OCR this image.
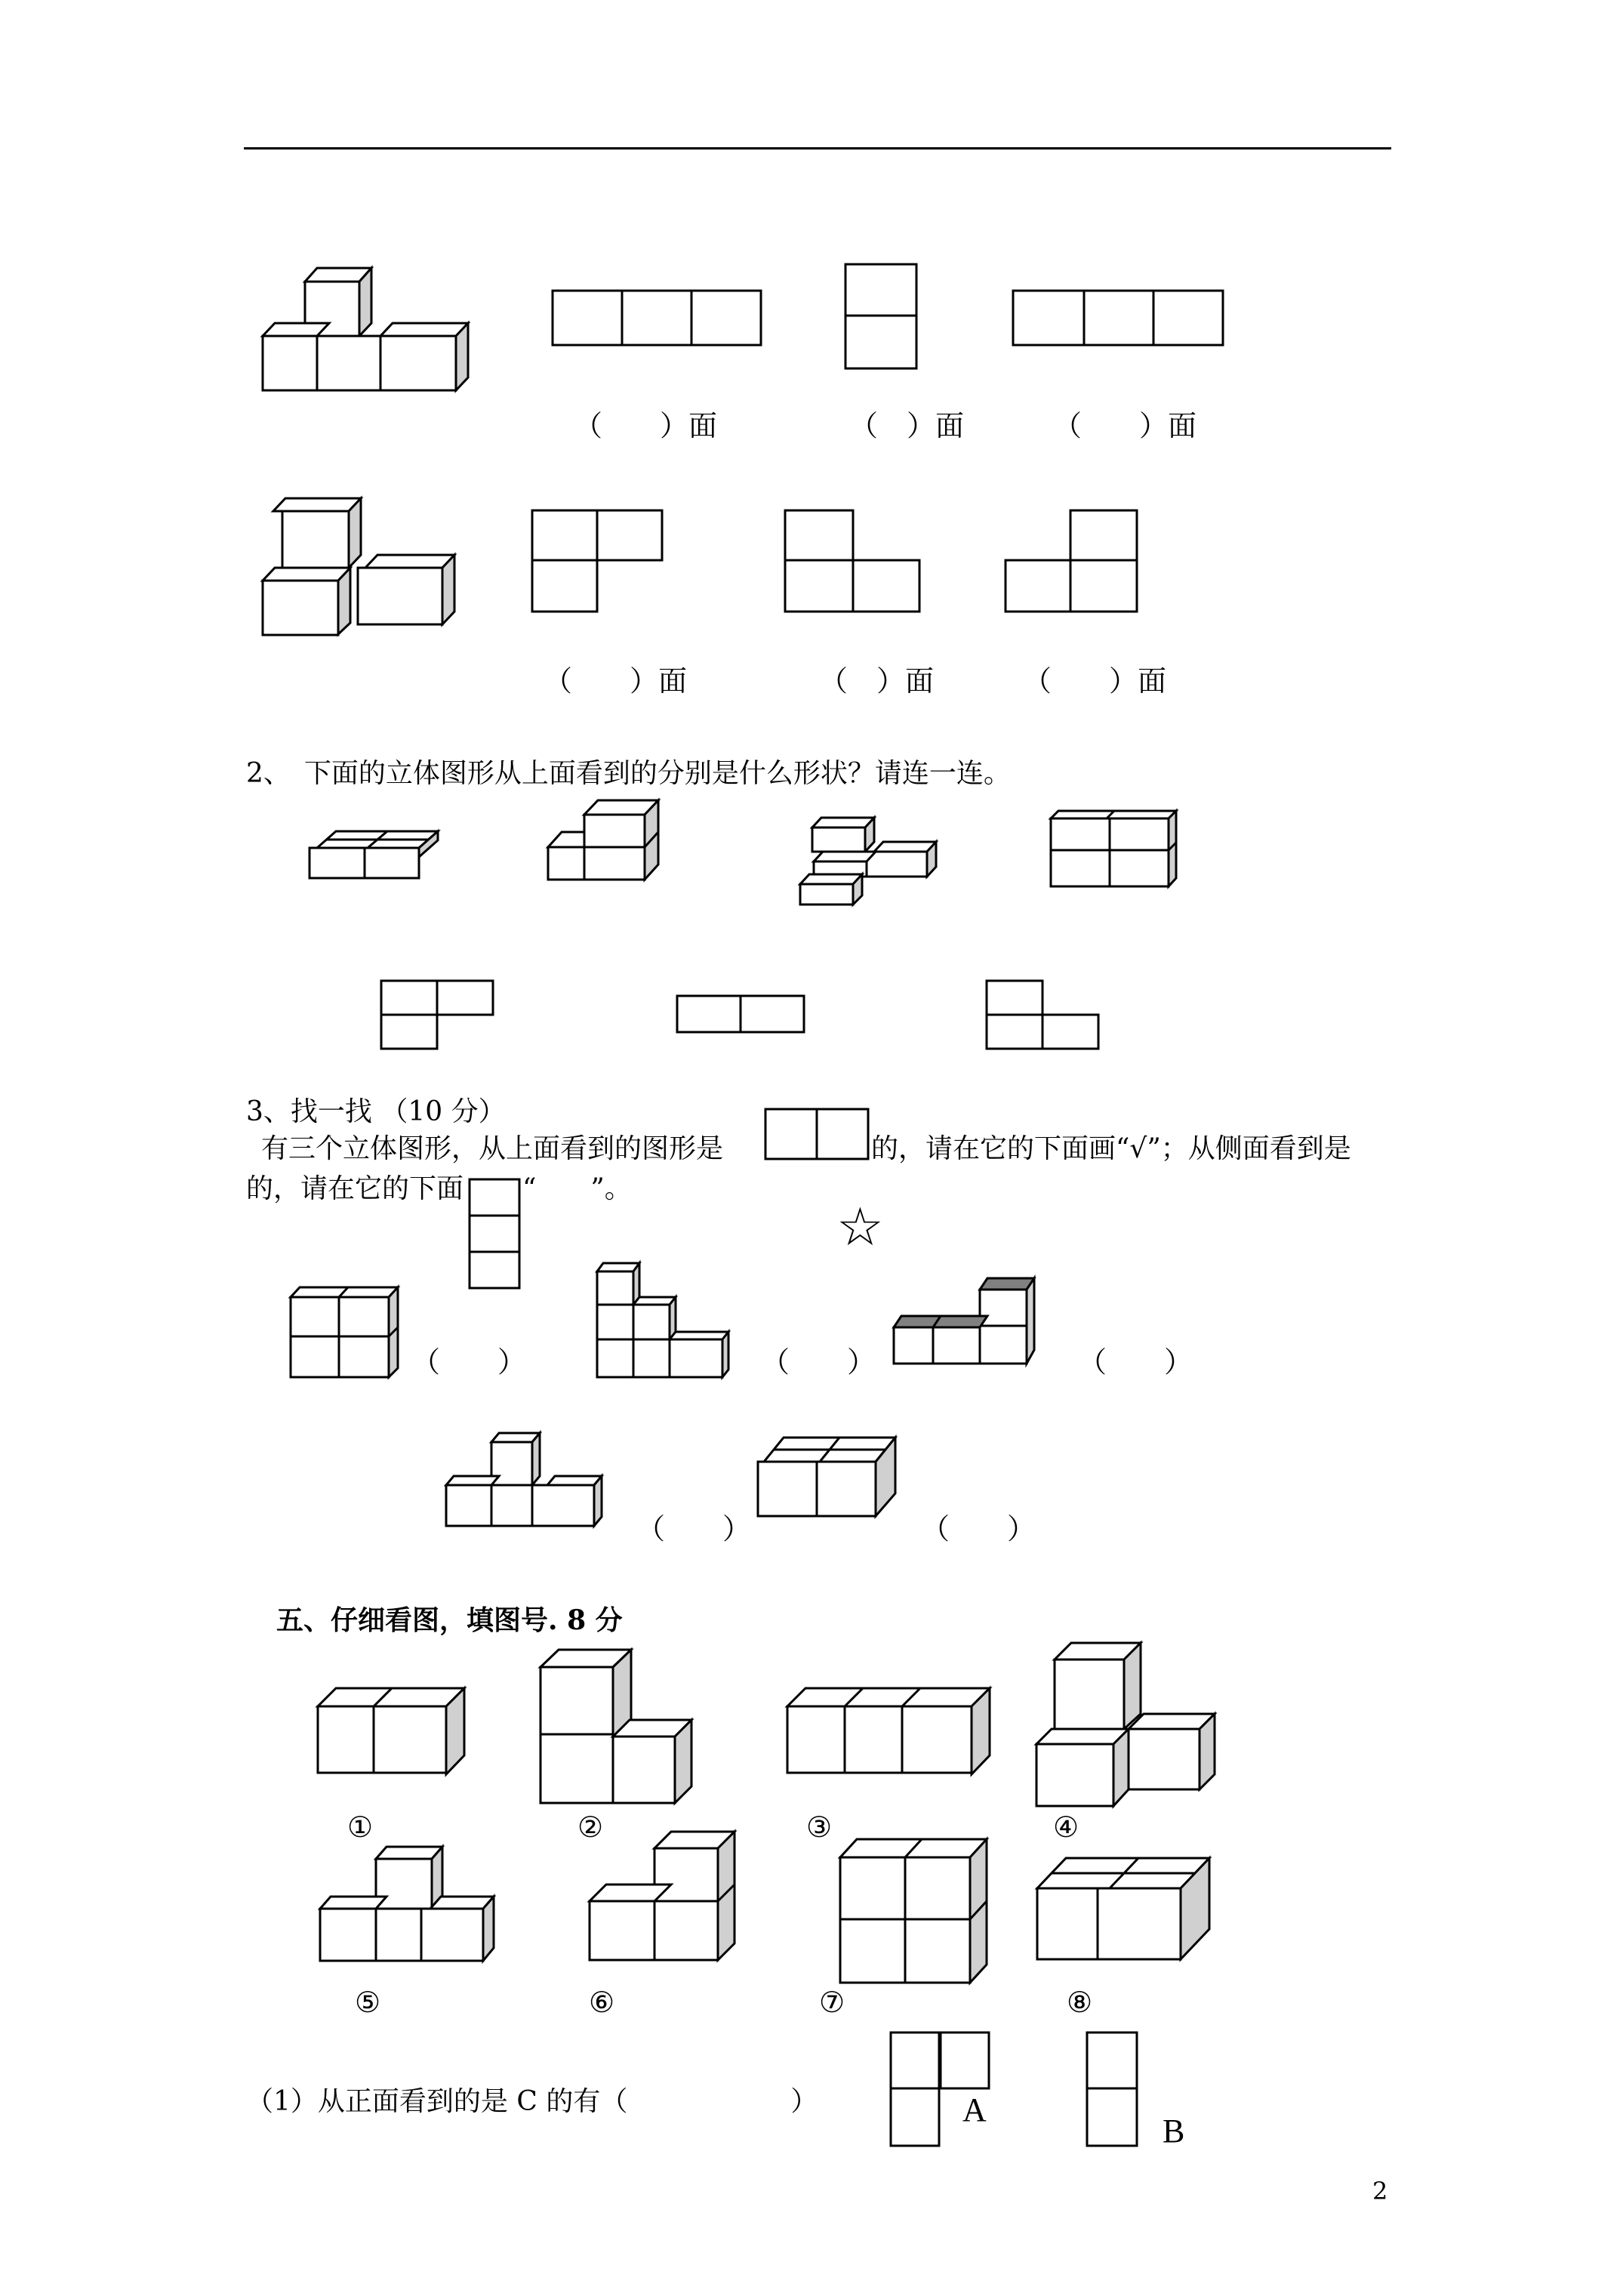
（　　）面	（　）面	（　　）面
（　　）面	（　）面	（　　）面
2、　下面的立体图形从上面看到的分别是什么形状？请连一连。
3、找一找 （10 分）
有三个立体图形，从上面看到的图形是	的，请在它的下面画“√”；从侧面看到是
的，请在它的下面 “　　”。
☆
（　　）	（　　）	（　　）
（　　）	（　　）
五、仔细看图，填图号. 8 分
①	②	③	④
⑤	⑥	⑦	⑧
（1）从正面看到的是 C 的有（　　　　　　）	A
B
2
